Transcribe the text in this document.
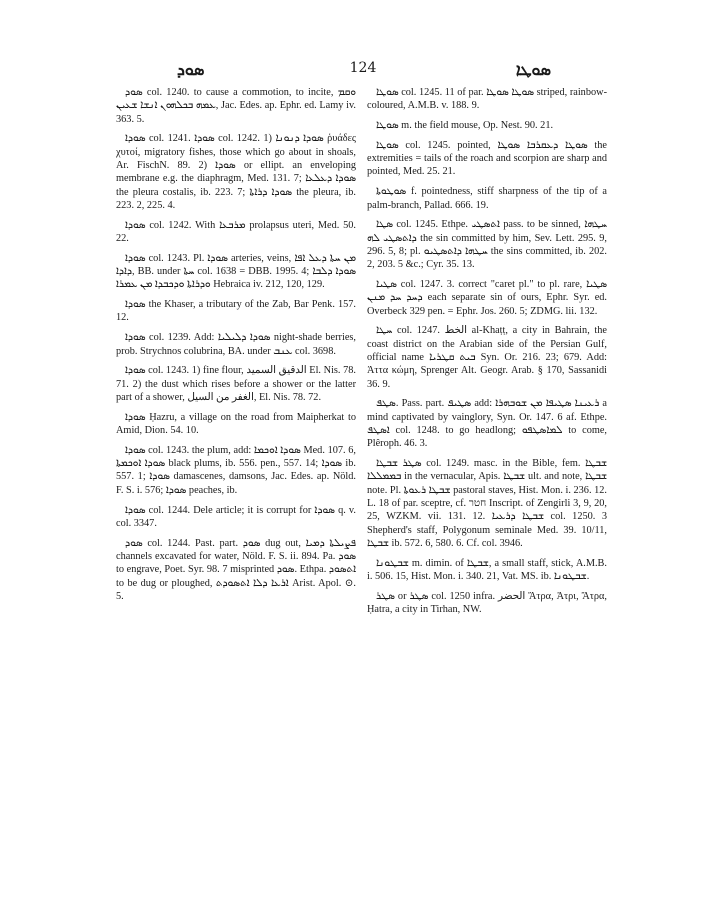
ܣܘܕ	124	ܣܘܛܐ

ܣܘܕ col. 1240. to cause a commotion, to incite, ܘܩܡ ܥܡܗ ܒܟܠܗܘܢ ܐܢܫܐ ܫܥܝܢ, Jac. Edes. ap. Ephr. ed. Lamy iv. 363. 5.

ܣܘܕܐ col. 1241. ܣܘܕܐ col. 1242. 1) ܣܘܕܐ ܕܢܘܢܐ ῥυάδες χυτοί, migratory fishes, those which go about in shoals, Ar. FischN. 89. 2) ܣܘܕܐ or ellipt. an enveloping membrane e.g. the diaphragm, Med. 131. 7; ܣܘܕܐ ܕܥܠܥܐ the pleura costalis, ib. 223. 7; ܣܘܕܐ ܕܪܐܬܐ the pleura, ib. 223. 2, 225. 4.

ܣܘܕܐ col. 1242. With ܡܪܒܥܐ prolapsus uteri, Med. 50. 22.

ܣܘܕܐ col. 1243. Pl. ܣܘܕܐ arteries, veins, ܡܢ ܚܬܐ ܕܥܠ ܐܦܐ ܕܐܕܐ, BB. under ܚܬܐ col. 1638 = DBB. 1995. 4; ܣܘܕܐ ܕܠܒܐ ܘܕܪܐܬܐ ܘܕܟܒܕܐ ܡܢ ܥܡܪܐ Hebraica iv. 212, 120, 129.

ܣܘܕܐ the Khaser, a tributary of the Zab, Bar Penk. 157. 12.

ܣܘܕܐ col. 1239. Add: ܣܘܕܐ ܕܠܝܠܝܐ night-shade berries, prob. Strychnos colubrina, BA. under ܥܢܒ col. 3698.

ܣܘܕܐ col. 1243. 1) fine flour, الدقيق السميد El. Nis. 78. 71. 2) the dust which rises before a shower or the latter part of a shower, الغفر من السيل, El. Nis. 78. 72.

ܣܘܕܐ Ḥazru, a village on the road from Maipherkat to Amid, Dion. 54. 10.

ܣܘܕܐ col. 1243. the plum, add: ܣܘܕܐ ܐܘܟܡܐ Med. 107. 6, ܣܘܕܐ ܐܘܟܡܬܐ black plums, ib. 556. pen., 557. 14; ܣܘܕܐ ib. 557. 1; ܣܘܕܐ damascenes, damsons, Jac. Edes. ap. Nöld. F. S. i. 576; ܣܘܕܐ peaches, ib.

ܣܘܕܐ col. 1244. Dele article; it is corrupt for ܣܘܕܐ q. v. col. 3347.

ܣܘܕ col. 1244. Past. part. ܣܘܕ dug out, ܦܨܝܠܬܐ ܕܡܝܐ channels excavated for water, Nöld. F. S. ii. 894. Pa. ܣܘܕ to engrave, Poet. Syr. 98. 7 misprinted ܣܘܕ. Ethpa. ܐܬܣܘܕ to be dug or ploughed, ܐܪܥܐ ܕܠܐ ܐܬܣܘܕܬ Arist. Apol. ⊙. 5.

ܣܘܛܐ col. 1245. 11 of par. ܣܘܛܐ ܣܘܛܐ striped, rainbow-coloured, A.M.B. v. 188. 9.

ܣܘܛܐ m. the field mouse, Op. Nest. 90. 21.

ܣܘܛܐ col. 1245. pointed, ܣܘܛܐ ܕܥܩܪܒܐ ܣܘܛܐ the extremities = tails of the roach and scorpion are sharp and pointed, Med. 25. 21.

ܣܘܛܘܬܐ f. pointedness, stiff sharpness of the tip of a palm-branch, Pallad. 666. 19.

ܣܛܐ col. 1245. Ethpe. ܐܬܣܛܝ pass. to be sinned, ܚܛܗܐ ܕܐܬܣܛܝ ܠܗ the sin committed by him, Sev. Lett. 295. 9, 296. 5, 8; pl. ܚܛܗܐ ܕܐܬܣܛܝܘ the sins committed, ib. 202. 2, 203. 5 &c.; Cyr. 35. 13.

ܣܛܝܐ col. 1247. 3. correct "caret pl." to pl. rare, ܣܛܝܐ ܕܚܕ ܚܕ ܡܢܢ each separate sin of ours, Ephr. Syr. ed. Overbeck 329 pen. = Ephr. Jos. 260. 5; ZDMG. lii. 132.

ܚܛܐ col. 1247. الخط al-Khaṭṭ, a city in Bahrain, the coast district on the Arabian side of the Persian Gulf, official name ܒܝܬ ܩܛܪܝܐ Syn. Or. 216. 23; 679. Add: Ἀττα κώμη, Sprenger Alt. Geogr. Arab. § 170, Sassanidi 36. 9.

ܣܛܦ. Pass. part. ܣܛܝܦ add: ܪܥܝܢܐ ܣܛܝܦܐ ܡܢ ܫܘܒܗܪܐ a mind captivated by vainglory, Syn. Or. 147. 6 af. Ethpe. ܐܣܛܦ col. 1248. to go headlong; ܠܡܐܣܛܦܘ to come, Plêroph. 46. 3.

ܣܛܪ ܫܒܛܐ col. 1249. masc. in the Bible, fem. ܫܒܛܐ ܒܡܡܠܠܐ in the vernacular, Apis. ܫܒܛܐ ult. and note, ܫܒܛܐ note. Pl. ܫܒܛܐ ܪܥܘܬܐ pastoral staves, Hist. Mon. i. 236. 12. L. 18 of par. sceptre, cf. חטר Inscript. of Zengirli 3, 9, 20, 25, WZKM. vii. 131. 12. ܫܒܛܐ ܕܪܥܝܐ col. 1250. 3 Shepherd's staff, Polygonum seminale Med. 39. 10/11, ܫܒܛܐ ib. 572. 6, 580. 6. Cf. col. 3946.

ܫܒܛܘܢܐ m. dimin. of ܫܒܛܐ, a small staff, stick, A.M.B. i. 506. 15, Hist. Mon. i. 340. 21, Vat. MS. ib. ܫܒܛܘܢܐ.

ܣܛܪ or ܣܛܪ col. 1250 infra. الحضر Ἄτρα, Ἀτρι, Ἄτρα, Ḥatra, a city in Tirhan, NW.
